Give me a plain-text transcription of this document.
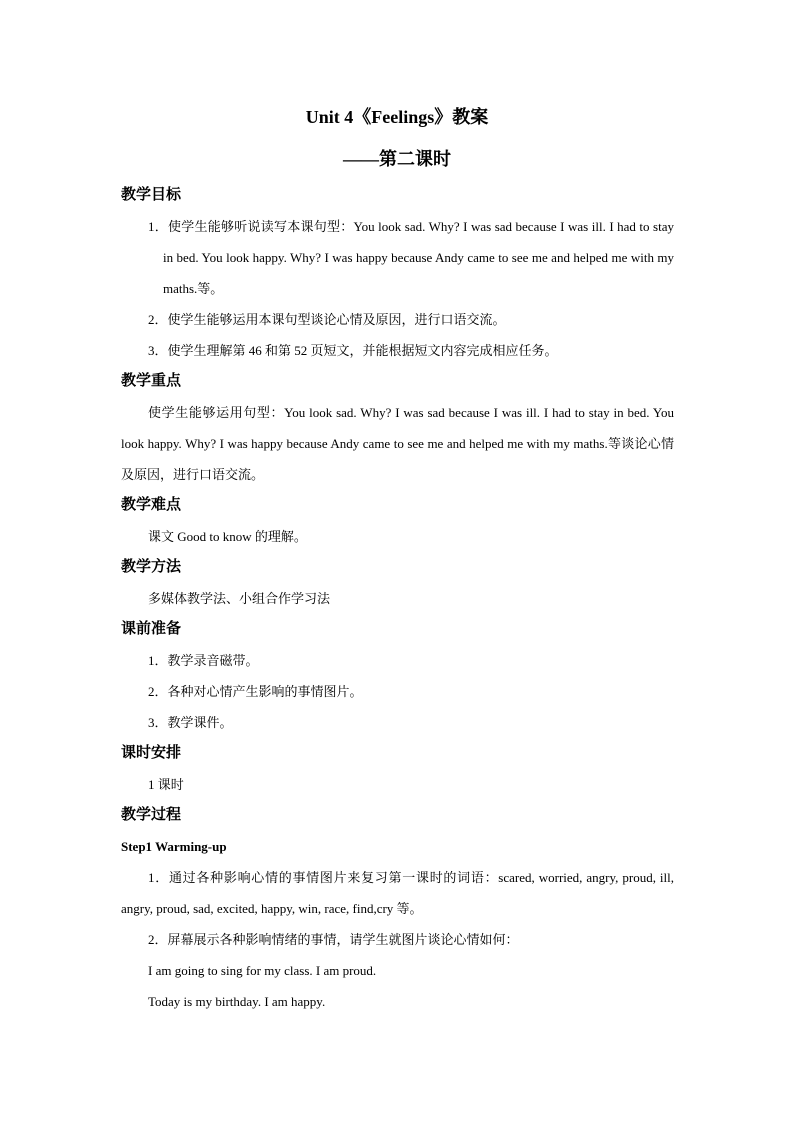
Unit 4《Feelings》教案
——第二课时
教学目标
1．使学生能够听说读写本课句型：You look sad. Why? I was sad because I was ill. I had to stay in bed. You look happy. Why? I was happy because Andy came to see me and helped me with my maths.等。
2．使学生能够运用本课句型谈论心情及原因，进行口语交流。
3．使学生理解第 46 和第 52 页短文，并能根据短文内容完成相应任务。
教学重点
使学生能够运用句型：You look sad. Why? I was sad because I was ill. I had to stay in bed. You look happy. Why? I was happy because Andy came to see me and helped me with my maths.等谈论心情及原因，进行口语交流。
教学难点
课文 Good to know 的理解。
教学方法
多媒体教学法、小组合作学习法
课前准备
1．教学录音磁带。
2．各种对心情产生影响的事情图片。
3．教学课件。
课时安排
1 课时
教学过程
Step1 Warming-up
1．通过各种影响心情的事情图片来复习第一课时的词语：scared, worried, angry, proud, ill, angry, proud, sad, excited, happy, win, race, find,cry 等。
2．屏幕展示各种影响情绪的事情，请学生就图片谈论心情如何：
I am going to sing for my class. I am proud.
Today is my birthday. I am happy.
